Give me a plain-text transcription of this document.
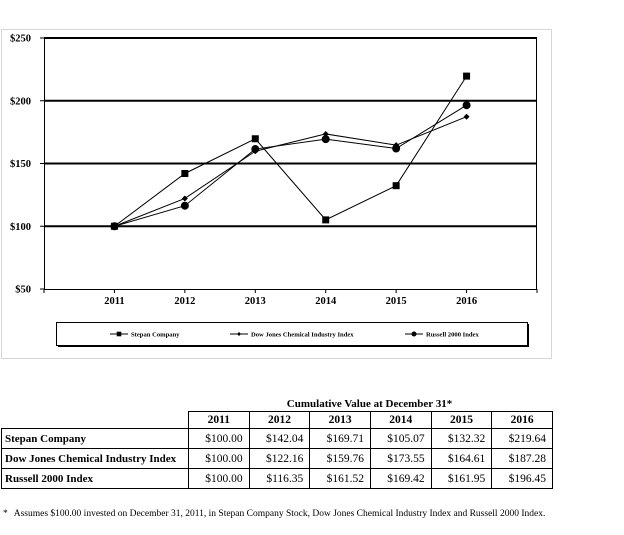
$50
$100
$150
$200
$250
2011	2012	2013	2014	2015	2016
Stepan Company	Dow Jones Chemical Industry Index	Russell 2000 Index
Cumulative Value at December 31*
	2011	2012	2013	2014	2015	2016
Stepan Company	$100.00	$142.04	$169.71	$105.07	$132.32	$219.64
Dow Jones Chemical Industry Index	$100.00	$122.16	$159.76	$173.55	$164.61	$187.28
Russell 2000 Index	$100.00	$116.35	$161.52	$169.42	$161.95	$196.45
* Assumes $100.00 invested on December 31, 2011, in Stepan Company Stock, Dow Jones Chemical Industry Index and Russell 2000 Index.
